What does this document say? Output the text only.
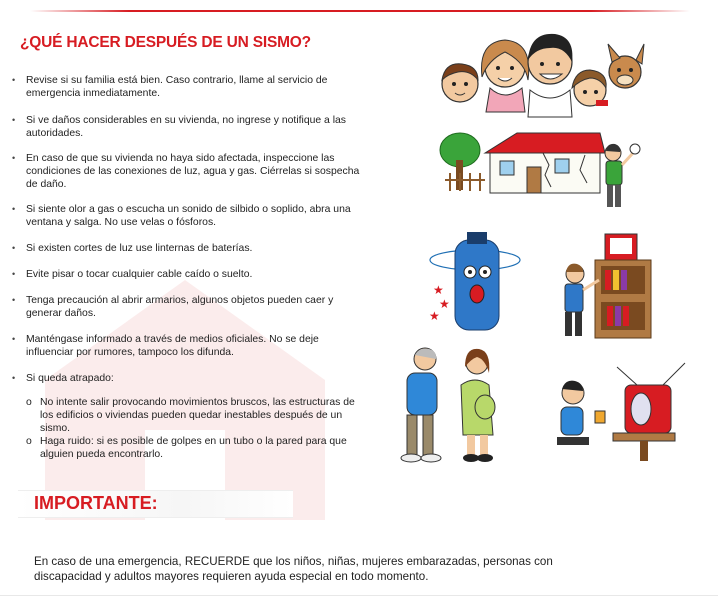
¿QUÉ HACER DESPUÉS DE UN SISMO?
• Revise si su familia está bien. Caso contrario, llame al servicio de emergencia inmediatamente.
• Si ve daños considerables en su vivienda, no ingrese y notifique a las autoridades.
• En caso de que su vivienda no haya sido afectada, inspeccione las condiciones de las conexiones de luz, agua y gas. Ciérrelas si sospecha de daño.
• Si siente olor a gas o escucha un sonido de silbido o soplido, abra una ventana y salga. No use velas o fósforos.
• Si existen cortes de luz use linternas de baterías.
• Evite pisar o tocar cualquier cable caído o suelto.
• Tenga precaución al abrir armarios, algunos objetos pueden caer y generar daños.
• Manténgase informado a través de medios oficiales. No se deje influenciar por rumores, tampoco los difunda.
• Si queda atrapado:
o No intente salir provocando movimientos bruscos, las estructuras de los edificios o viviendas pueden quedar inestables después de un sismo.
o Haga ruido: si es posible de golpes en un tubo o la pared para que alguien pueda encontrarlo.
IMPORTANTE:

En caso de una emergencia, RECUERDE que los niños, niñas, mujeres embarazadas, personas con discapacidad y adultos mayores requieren ayuda especial en todo momento.

★
★
★
